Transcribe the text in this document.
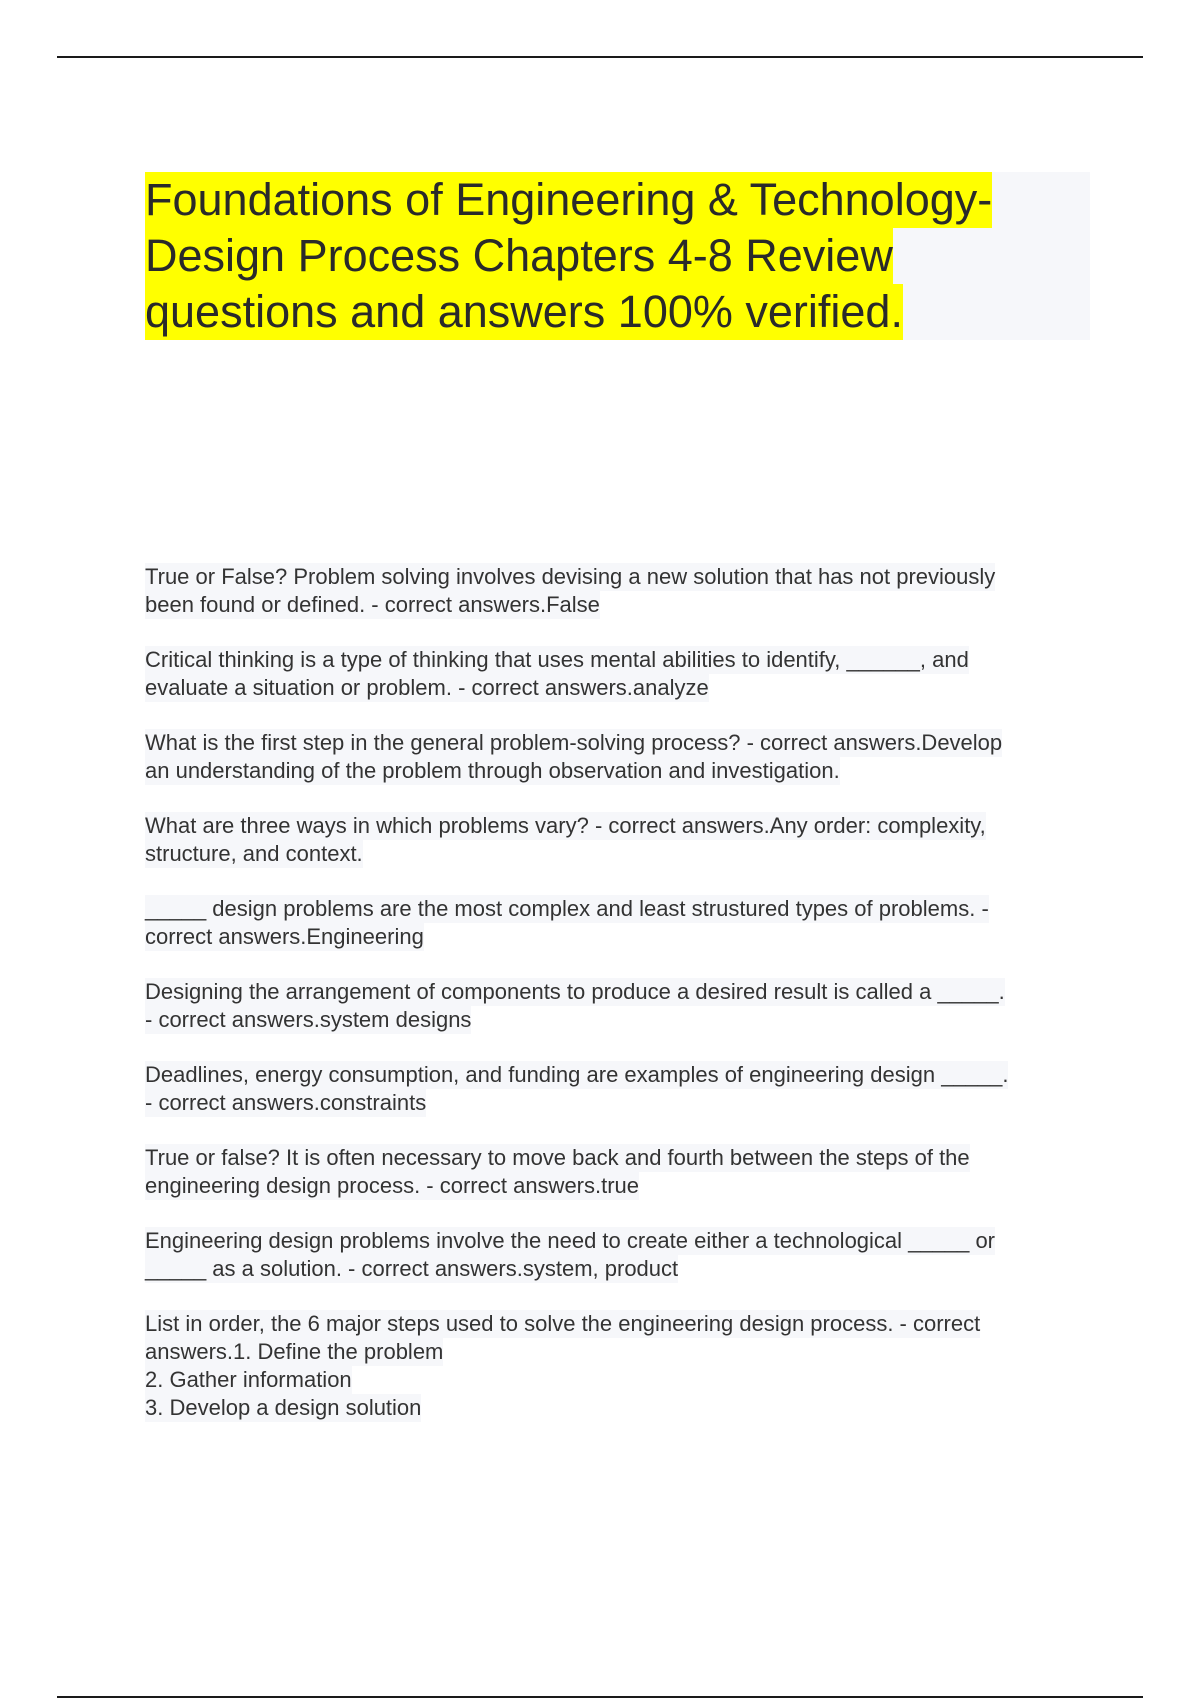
Foundations of Engineering & Technology-
Design Process Chapters 4-8 Review
questions and answers 100% verified.
True or False? Problem solving involves devising a new solution that has not previously
been found or defined. - correct answers.False
Critical thinking is a type of thinking that uses mental abilities to identify, ______, and
evaluate a situation or problem. - correct answers.analyze
What is the first step in the general problem-solving process? - correct answers.Develop
an understanding of the problem through observation and investigation.
What are three ways in which problems vary? - correct answers.Any order: complexity,
structure, and context.
_____ design problems are the most complex and least strustured types of problems. -
correct answers.Engineering
Designing the arrangement of components to produce a desired result is called a _____.
- correct answers.system designs
Deadlines, energy consumption, and funding are examples of engineering design _____.
- correct answers.constraints
True or false? It is often necessary to move back and fourth between the steps of the
engineering design process. - correct answers.true
Engineering design problems involve the need to create either a technological _____ or
_____ as a solution. - correct answers.system, product
List in order, the 6 major steps used to solve the engineering design process. - correct
answers.1. Define the problem
2. Gather information
3. Develop a design solution
